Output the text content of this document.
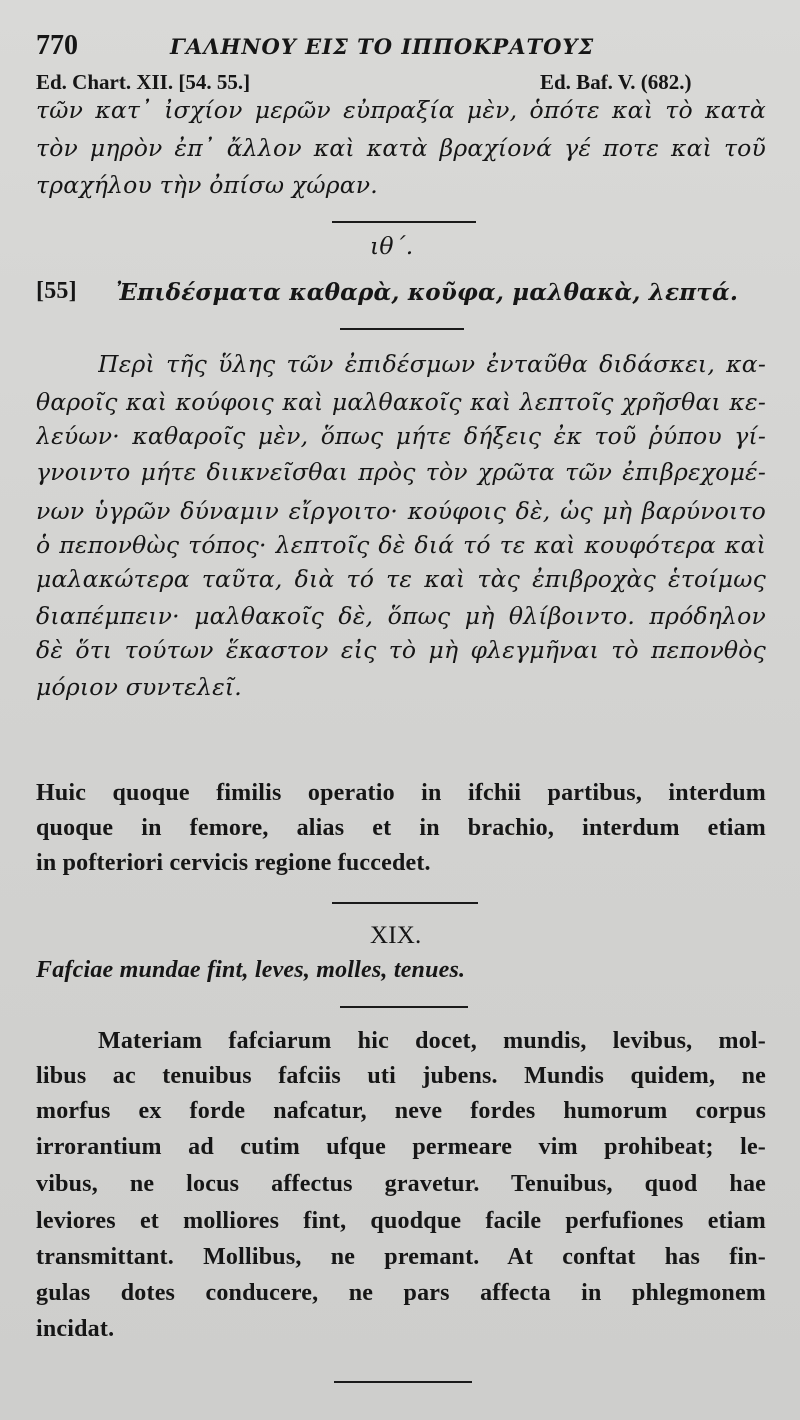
770	ΓΑΛΗΝΟΥ ΕΙΣ ΤΟ ΙΠΠΟΚΡΑΤΟΥΣ
Ed. Chart. XII. [54. 55.]	Ed. Baf. V. (682.)
τῶν κατ᾽ ἰσχίον μερῶν εὐπραξία μὲν, ὁπότε καὶ τὸ κατὰ
τὸν μηρὸν ἐπ᾽ ἄλλον καὶ κατὰ βραχίονά γέ ποτε καὶ τοῦ
τραχήλου τὴν ὀπίσω χώραν.
ιθ΄.
[55] Ἐπιδέσματα καθαρὰ, κοῦφα, μαλθακὰ, λεπτά.
Περὶ τῆς ὕλης τῶν ἐπιδέσμων ἐνταῦθα διδάσκει, κα-
θαροῖς καὶ κούφοις καὶ μαλθακοῖς καὶ λεπτοῖς χρῆσθαι κε-
λεύων· καθαροῖς μὲν, ὅπως μήτε δήξεις ἐκ τοῦ ῥύπου γί-
γνοιντο μήτε διικνεῖσθαι πρὸς τὸν χρῶτα τῶν ἐπιβρεχομέ-
νων ὑγρῶν δύναμιν εἴργοιτο· κούφοις δὲ, ὡς μὴ βαρύνοιτο
ὁ πεπονθὼς τόπος· λεπτοῖς δὲ διά τό τε καὶ κουφότερα καὶ
μαλακώτερα ταῦτα, διὰ τό τε καὶ τὰς ἐπιβροχὰς ἑτοίμως
διαπέμπειν· μαλθακοῖς δὲ, ὅπως μὴ θλίβοιντο. πρόδηλον
δὲ ὅτι τούτων ἕκαστον εἰς τὸ μὴ φλεγμῆναι τὸ πεπονθὸς
μόριον συντελεῖ.
Huic quoque fimilis operatio in ifchii partibus, interdum
quoque in femore, alias et in brachio, interdum etiam
in pofteriori cervicis regione fuccedet.
XIX.
Fafciae mundae fint, leves, molles, tenues.
Materiam fafciarum hic docet, mundis, levibus, mol-
libus ac tenuibus fafciis uti jubens. Mundis quidem, ne
morfus ex forde nafcatur, neve fordes humorum corpus
irrorantium ad cutim ufque permeare vim prohibeat; le-
vibus, ne locus affectus gravetur. Tenuibus, quod hae
leviores et molliores fint, quodque facile perfufiones etiam
transmittant. Mollibus, ne premant. At conftat has fin-
gulas dotes conducere, ne pars affecta in phlegmonem
incidat.
